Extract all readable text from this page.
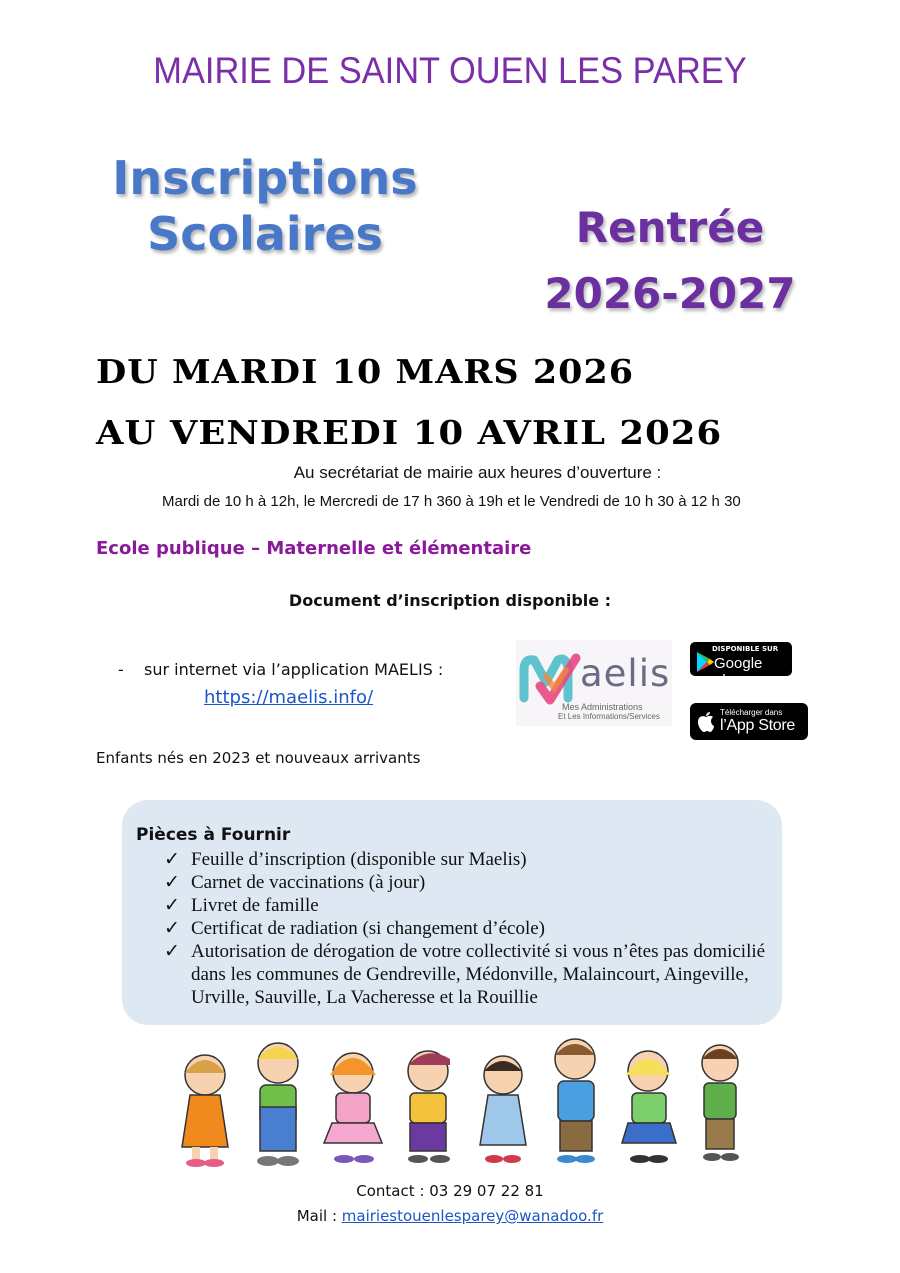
MAIRIE DE SAINT OUEN LES PAREY
Inscriptions
Scolaires	Rentrée
2026-2027
DU MARDI 10 MARS 2026
AU VENDREDI 10 AVRIL 2026
Au secrétariat de mairie aux heures d’ouverture :
Mardi de 10 h à 12h, le Mercredi de 17 h 360 à 19h et le Vendredi de 10 h 30 à 12 h 30
Ecole publique – Maternelle et élémentaire
Document d’inscription disponible :
- sur internet via l’application MAELIS :
https://maelis.info/
aelis
Mes Administrations
Et Les Informations/Services
DISPONIBLE SUR
Google play
Télécharger dans
l’App Store
Enfants nés en 2023 et nouveaux arrivants
Pièces à Fournir
✓ Feuille d’inscription (disponible sur Maelis)
✓ Carnet de vaccinations (à jour)
✓ Livret de famille
✓ Certificat de radiation (si changement d’école)
✓ Autorisation de dérogation de votre collectivité si vous n’êtes pas domicilié dans les communes de Gendreville, Médonville, Malaincourt, Aingeville, Urville, Sauville, La Vacheresse et la Rouillie
Contact : 03 29 07 22 81
Mail : mairiestouenlesparey@wanadoo.fr
